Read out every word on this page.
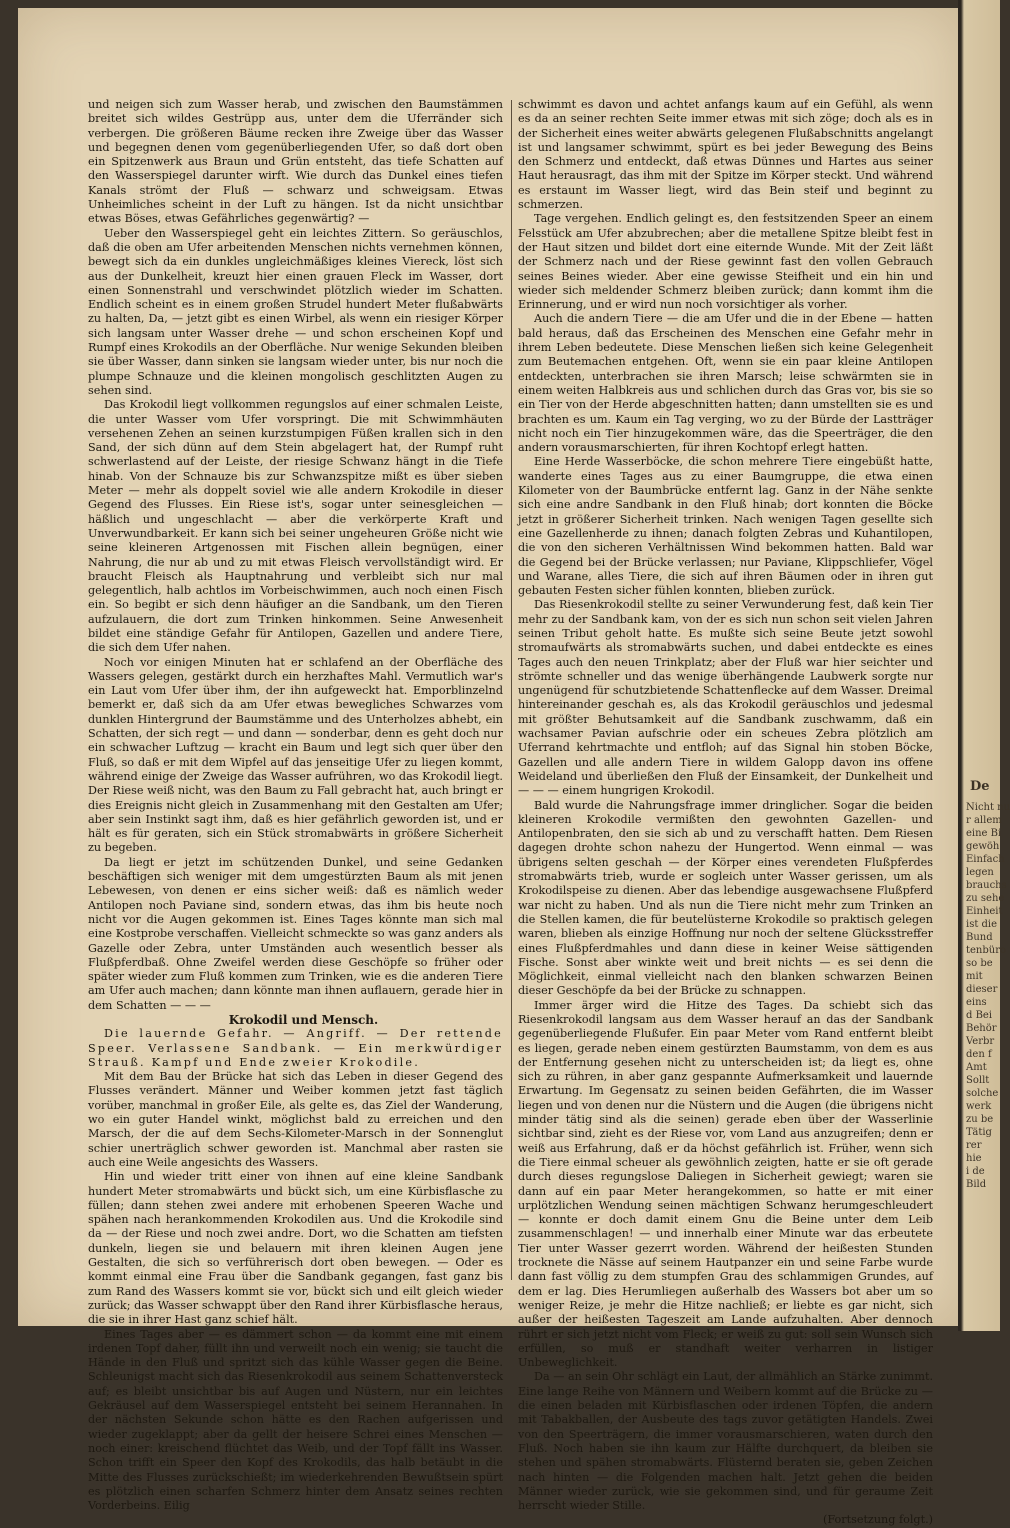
und neigen sich zum Wasser herab, und zwischen den Baumstämmen breitet sich wildes Gestrüpp aus, unter dem die Uferränder sich verbergen. Die größeren Bäume recken ihre Zweige über das Wasser und begegnen denen vom gegenüberliegenden Ufer, so daß dort oben ein Spitzenwerk aus Braun und Grün entsteht, das tiefe Schatten auf den Wasserspiegel darunter wirft. Wie durch das Dunkel eines tiefen Kanals strömt der Fluß — schwarz und schweigsam. Etwas Unheimliches scheint in der Luft zu hängen. Ist da nicht unsichtbar etwas Böses, etwas Gefährliches gegenwärtig? —

Ueber den Wasserspiegel geht ein leichtes Zittern. So geräuschlos, daß die oben am Ufer arbeitenden Menschen nichts vernehmen können, bewegt sich da ein dunkles ungleichmäßiges kleines Viereck, löst sich aus der Dunkelheit, kreuzt hier einen grauen Fleck im Wasser, dort einen Sonnenstrahl und verschwindet plötzlich wieder im Schatten. Endlich scheint es in einem großen Strudel hundert Meter flußabwärts zu halten, Da, — jetzt gibt es einen Wirbel, als wenn ein riesiger Körper sich langsam unter Wasser drehe — und schon erscheinen Kopf und Rumpf eines Krokodils an der Oberfläche. Nur wenige Sekunden bleiben sie über Wasser, dann sinken sie langsam wieder unter, bis nur noch die plumpe Schnauze und die kleinen mongolisch geschlitzten Augen zu sehen sind.

Das Krokodil liegt vollkommen regungslos auf einer schmalen Leiste, die unter Wasser vom Ufer vorspringt. Die mit Schwimmhäuten versehenen Zehen an seinen kurzstumpigen Füßen krallen sich in den Sand, der sich dünn auf dem Stein abgelagert hat, der Rumpf ruht schwerlastend auf der Leiste, der riesige Schwanz hängt in die Tiefe hinab. Von der Schnauze bis zur Schwanzspitze mißt es über sieben Meter — mehr als doppelt soviel wie alle andern Krokodile in dieser Gegend des Flusses. Ein Riese ist's, sogar unter seinesgleichen — häßlich und ungeschlacht — aber die verkörperte Kraft und Unverwundbarkeit. Er kann sich bei seiner ungeheuren Größe nicht wie seine kleineren Artgenossen mit Fischen allein begnügen, einer Nahrung, die nur ab und zu mit etwas Fleisch vervollständigt wird. Er braucht Fleisch als Hauptnahrung und verbleibt sich nur mal gelegentlich, halb achtlos im Vorbeischwimmen, auch noch einen Fisch ein. So begibt er sich denn häufiger an die Sandbank, um den Tieren aufzulauern, die dort zum Trinken hinkommen. Seine Anwesenheit bildet eine ständige Gefahr für Antilopen, Gazellen und andere Tiere, die sich dem Ufer nahen.

Noch vor einigen Minuten hat er schlafend an der Oberfläche des Wassers gelegen, gestärkt durch ein herzhaftes Mahl. Vermutlich war's ein Laut vom Ufer über ihm, der ihn aufgeweckt hat. Emporblinzelnd bemerkt er, daß sich da am Ufer etwas bewegliches Schwarzes vom dunklen Hintergrund der Baumstämme und des Unterholzes abhebt, ein Schatten, der sich regt — und dann — sonderbar, denn es geht doch nur ein schwacher Luftzug — kracht ein Baum und legt sich quer über den Fluß, so daß er mit dem Wipfel auf das jenseitige Ufer zu liegen kommt, während einige der Zweige das Wasser aufrühren, wo das Krokodil liegt. Der Riese weiß nicht, was den Baum zu Fall gebracht hat, auch bringt er dies Ereignis nicht gleich in Zusammenhang mit den Gestalten am Ufer; aber sein Instinkt sagt ihm, daß es hier gefährlich geworden ist, und er hält es für geraten, sich ein Stück stromabwärts in größere Sicherheit zu begeben.

Da liegt er jetzt im schützenden Dunkel, und seine Gedanken beschäftigen sich weniger mit dem umgestürzten Baum als mit jenen Lebewesen, von denen er eins sicher weiß: daß es nämlich weder Antilopen noch Paviane sind, sondern etwas, das ihm bis heute noch nicht vor die Augen gekommen ist. Eines Tages könnte man sich mal eine Kostprobe verschaffen. Vielleicht schmeckte so was ganz anders als Gazelle oder Zebra, unter Umständen auch wesentlich besser als Flußpferdbaß. Ohne Zweifel werden diese Geschöpfe so früher oder später wieder zum Fluß kommen zum Trinken, wie es die anderen Tiere am Ufer auch machen; dann könnte man ihnen auflauern, gerade hier in dem Schatten — — —

Krokodil und Mensch.

Die lauernde Gefahr. — Angriff. — Der rettende Speer. Verlassene Sandbank. — Ein merkwürdiger Strauß. Kampf und Ende zweier Krokodile.

Mit dem Bau der Brücke hat sich das Leben in dieser Gegend des Flusses verändert. Männer und Weiber kommen jetzt fast täglich vorüber, manchmal in großer Eile, als gelte es, das Ziel der Wanderung, wo ein guter Handel winkt, möglichst bald zu erreichen und den Marsch, der die auf dem Sechs-Kilometer-Marsch in der Sonnenglut schier unerträglich schwer geworden ist. Manchmal aber rasten sie auch eine Weile angesichts des Wassers.

Hin und wieder tritt einer von ihnen auf eine kleine Sandbank hundert Meter stromabwärts und bückt sich, um eine Kürbisflasche zu füllen; dann stehen zwei andere mit erhobenen Speeren Wache und spähen nach herankommenden Krokodilen aus. Und die Krokodile sind da — der Riese und noch zwei andre. Dort, wo die Schatten am tiefsten dunkeln, liegen sie und belauern mit ihren kleinen Augen jene Gestalten, die sich so verführerisch dort oben bewegen. — Oder es kommt einmal eine Frau über die Sandbank gegangen, fast ganz bis zum Rand des Wassers kommt sie vor, bückt sich und eilt gleich wieder zurück; das Wasser schwappt über den Rand ihrer Kürbisflasche heraus, die sie in ihrer Hast ganz schief hält.

Eines Tages aber — es dämmert schon — da kommt eine mit einem irdenen Topf daher, füllt ihn und verweilt noch ein wenig; sie taucht die Hände in den Fluß und spritzt sich das kühle Wasser gegen die Beine. Schleunigst macht sich das Riesenkrokodil aus seinem Schattenversteck auf; es bleibt unsichtbar bis auf Augen und Nüstern, nur ein leichtes Gekräusel auf dem Wasserspiegel entsteht bei seinem Herannahen. In der nächsten Sekunde schon hätte es den Rachen aufgerissen und wieder zugeklappt; aber da gellt der heisere Schrei eines Menschen — noch einer: kreischend flüchtet das Weib, und der Topf fällt ins Wasser. Schon trifft ein Speer den Kopf des Krokodils, das halb betäubt in die Mitte des Flusses zurückschießt; im wiederkehrenden Bewußtsein spürt es plötzlich einen scharfen Schmerz hinter dem Ansatz seines rechten Vorderbeins. Eilig

schwimmt es davon und achtet anfangs kaum auf ein Gefühl, als wenn es da an seiner rechten Seite immer etwas mit sich zöge; doch als es in der Sicherheit eines weiter abwärts gelegenen Flußabschnitts angelangt ist und langsamer schwimmt, spürt es bei jeder Bewegung des Beins den Schmerz und entdeckt, daß etwas Dünnes und Hartes aus seiner Haut herausragt, das ihm mit der Spitze im Körper steckt. Und während es erstaunt im Wasser liegt, wird das Bein steif und beginnt zu schmerzen.

Tage vergehen. Endlich gelingt es, den festsitzenden Speer an einem Felsstück am Ufer abzubrechen; aber die metallene Spitze bleibt fest in der Haut sitzen und bildet dort eine eiternde Wunde. Mit der Zeit läßt der Schmerz nach und der Riese gewinnt fast den vollen Gebrauch seines Beines wieder. Aber eine gewisse Steifheit und ein hin und wieder sich meldender Schmerz bleiben zurück; dann kommt ihm die Erinnerung, und er wird nun noch vorsichtiger als vorher.

Auch die andern Tiere — die am Ufer und die in der Ebene — hatten bald heraus, daß das Erscheinen des Menschen eine Gefahr mehr in ihrem Leben bedeutete. Diese Menschen ließen sich keine Gelegenheit zum Beutemachen entgehen. Oft, wenn sie ein paar kleine Antilopen entdeckten, unterbrachen sie ihren Marsch; leise schwärmten sie in einem weiten Halbkreis aus und schlichen durch das Gras vor, bis sie so ein Tier von der Herde abgeschnitten hatten; dann umstellten sie es und brachten es um. Kaum ein Tag verging, wo zu der Bürde der Lastträger nicht noch ein Tier hinzugekommen wäre, das die Speerträger, die den andern vorausmarschierten, für ihren Kochtopf erlegt hatten.

Eine Herde Wasserböcke, die schon mehrere Tiere eingebüßt hatte, wanderte eines Tages aus zu einer Baumgruppe, die etwa einen Kilometer von der Baumbrücke entfernt lag. Ganz in der Nähe senkte sich eine andre Sandbank in den Fluß hinab; dort konnten die Böcke jetzt in größerer Sicherheit trinken. Nach wenigen Tagen gesellte sich eine Gazellenherde zu ihnen; danach folgten Zebras und Kuhantilopen, die von den sicheren Verhältnissen Wind bekommen hatten. Bald war die Gegend bei der Brücke verlassen; nur Paviane, Klippschliefer, Vögel und Warane, alles Tiere, die sich auf ihren Bäumen oder in ihren gut gebauten Festen sicher fühlen konnten, blieben zurück.

Das Riesenkrokodil stellte zu seiner Verwunderung fest, daß kein Tier mehr zu der Sandbank kam, von der es sich nun schon seit vielen Jahren seinen Tribut geholt hatte. Es mußte sich seine Beute jetzt sowohl stromaufwärts als stromabwärts suchen, und dabei entdeckte es eines Tages auch den neuen Trinkplatz; aber der Fluß war hier seichter und strömte schneller und das wenige überhängende Laubwerk sorgte nur ungenügend für schutzbietende Schattenflecke auf dem Wasser. Dreimal hintereinander geschah es, als das Krokodil geräuschlos und jedesmal mit größter Behutsamkeit auf die Sandbank zuschwamm, daß ein wachsamer Pavian aufschrie oder ein scheues Zebra plötzlich am Uferrand kehrtmachte und entfloh; auf das Signal hin stoben Böcke, Gazellen und alle andern Tiere in wildem Galopp davon ins offene Weideland und überließen den Fluß der Einsamkeit, der Dunkelheit und — — — einem hungrigen Krokodil.

Bald wurde die Nahrungsfrage immer dringlicher. Sogar die beiden kleineren Krokodile vermißten den gewohnten Gazellen- und Antilopenbraten, den sie sich ab und zu verschafft hatten. Dem Riesen dagegen drohte schon nahezu der Hungertod. Wenn einmal — was übrigens selten geschah — der Körper eines verendeten Flußpferdes stromabwärts trieb, wurde er sogleich unter Wasser gerissen, um als Krokodilspeise zu dienen. Aber das lebendige ausgewachsene Flußpferd war nicht zu haben. Und als nun die Tiere nicht mehr zum Trinken an die Stellen kamen, die für beutelüsterne Krokodile so praktisch gelegen waren, blieben als einzige Hoffnung nur noch der seltene Glücksstreffer eines Flußpferdmahles und dann diese in keiner Weise sättigenden Fische. Sonst aber winkte weit und breit nichts — es sei denn die Möglichkeit, einmal vielleicht nach den blanken schwarzen Beinen dieser Geschöpfe da bei der Brücke zu schnappen.

Immer ärger wird die Hitze des Tages. Da schiebt sich das Riesenkrokodil langsam aus dem Wasser herauf an das der Sandbank gegenüberliegende Flußufer. Ein paar Meter vom Rand entfernt bleibt es liegen, gerade neben einem gestürzten Baumstamm, von dem es aus der Entfernung gesehen nicht zu unterscheiden ist; da liegt es, ohne sich zu rühren, in aber ganz gespannte Aufmerksamkeit und lauernde Erwartung. Im Gegensatz zu seinen beiden Gefährten, die im Wasser liegen und von denen nur die Nüstern und die Augen (die übrigens nicht minder tätig sind als die seinen) gerade eben über der Wasserlinie sichtbar sind, zieht es der Riese vor, vom Land aus anzugreifen; denn er weiß aus Erfahrung, daß er da höchst gefährlich ist. Früher, wenn sich die Tiere einmal scheuer als gewöhnlich zeigten, hatte er sie oft gerade durch dieses regungslose Daliegen in Sicherheit gewiegt; waren sie dann auf ein paar Meter herangekommen, so hatte er mit einer urplötzlichen Wendung seinen mächtigen Schwanz herumgeschleudert — konnte er doch damit einem Gnu die Beine unter dem Leib zusammenschlagen! — und innerhalb einer Minute war das erbeutete Tier unter Wasser gezerrt worden. Während der heißesten Stunden trocknete die Nässe auf seinem Hautpanzer ein und seine Farbe wurde dann fast völlig zu dem stumpfen Grau des schlammigen Grundes, auf dem er lag. Dies Herumliegen außerhalb des Wassers bot aber um so weniger Reize, je mehr die Hitze nachließ; er liebte es gar nicht, sich außer der heißesten Tageszeit am Lande aufzuhalten. Aber dennoch rührt er sich jetzt nicht vom Fleck; er weiß zu gut: soll sein Wunsch sich erfüllen, so muß er standhaft weiter verharren in listiger Unbeweglichkeit.

Da — an sein Ohr schlägt ein Laut, der allmählich an Stärke zunimmt. Eine lange Reihe von Männern und Weibern kommt auf die Brücke zu — die einen beladen mit Kürbisflaschen oder irdenen Töpfen, die andern mit Tabakballen, der Ausbeute des tags zuvor getätigten Handels. Zwei von den Speerträgern, die immer vorausmarschieren, waten durch den Fluß. Noch haben sie ihn kaum zur Hälfte durchquert, da bleiben sie stehen und spähen stromabwärts. Flüsternd beraten sie, geben Zeichen nach hinten — die Folgenden machen halt. Jetzt gehen die beiden Männer wieder zurück, wie sie gekommen sind, und für geraume Zeit herrscht wieder Stille.

(Fortsetzung folgt.)

De
Nicht nu
r allem
eine Bi
gewöh
Einfach
legen
brauchs
zu sehe
Einheit
ist die
Bund
tenbüro
so be
mit
dieser
eins
d Bei
Behör
Verbr
den f
Amt
Sollt
solche
werk
zu be
Tätig
rer
hie
i de
Bild
